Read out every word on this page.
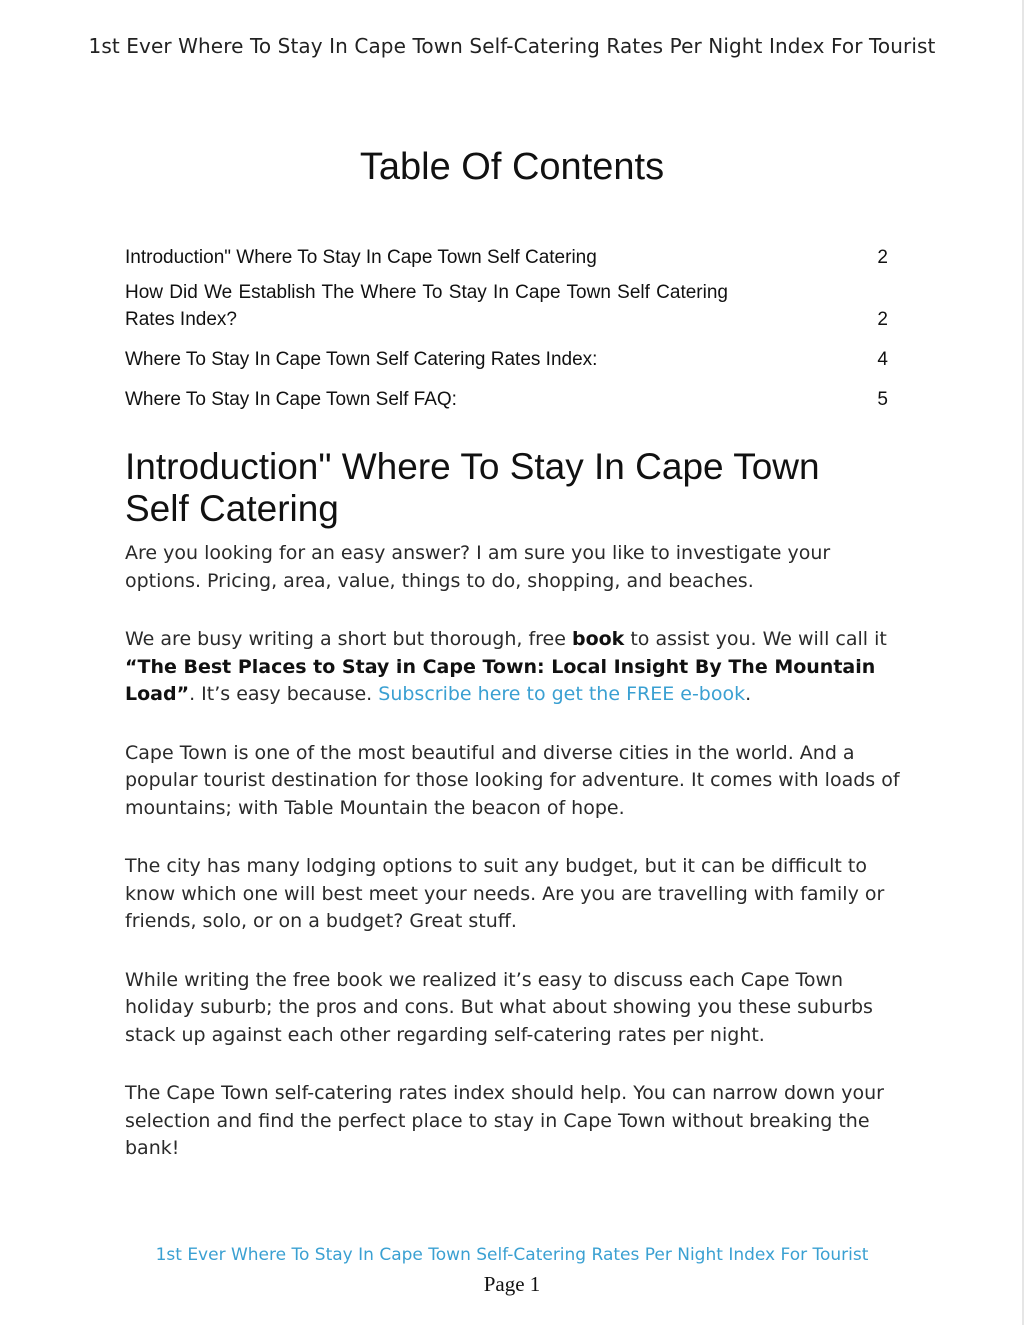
1st Ever Where To Stay In Cape Town Self-Catering Rates Per Night Index For Tourist
Table Of Contents
Introduction" Where To Stay In Cape Town Self Catering	2
How Did We Establish The Where To Stay In Cape Town Self Catering Rates Index?	2
Where To Stay In Cape Town Self Catering Rates Index:	4
Where To Stay In Cape Town Self FAQ:	5
Introduction" Where To Stay In Cape Town Self Catering

Are you looking for an easy answer? I am sure you like to investigate your options. Pricing, area, value, things to do, shopping, and beaches.

We are busy writing a short but thorough, free book to assist you. We will call it “The Best Places to Stay in Cape Town: Local Insight By The Mountain Load”. It’s easy because. Subscribe here to get the FREE e-book.

Cape Town is one of the most beautiful and diverse cities in the world. And a popular tourist destination for those looking for adventure. It comes with loads of mountains; with Table Mountain the beacon of hope.

The city has many lodging options to suit any budget, but it can be difficult to know which one will best meet your needs. Are you are travelling with family or friends, solo, or on a budget? Great stuff.

While writing the free book we realized it’s easy to discuss each Cape Town holiday suburb; the pros and cons. But what about showing you these suburbs stack up against each other regarding self-catering rates per night.

The Cape Town self-catering rates index should help. You can narrow down your selection and find the perfect place to stay in Cape Town without breaking the bank!

1st Ever Where To Stay In Cape Town Self-Catering Rates Per Night Index For Tourist
Page 1
